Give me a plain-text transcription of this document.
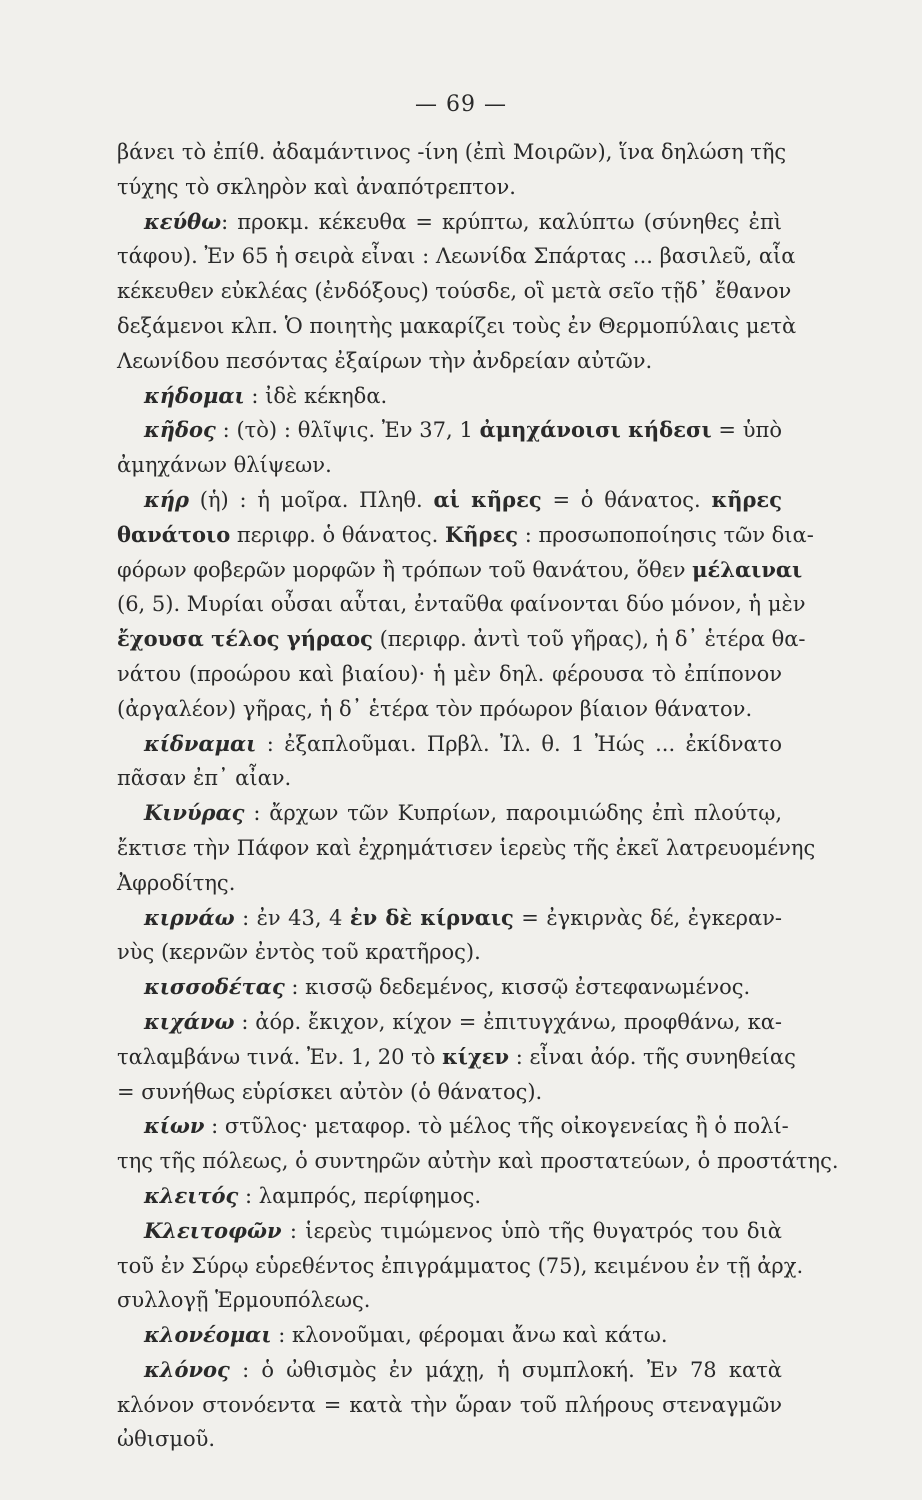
— 69 —
βάνει τὸ ἐπίθ. ἀδαμάντινος -ίνη (ἐπὶ Μοιρῶν), ἵνα δηλώση τῆς
τύχης τὸ σκληρὸν καὶ ἀναπότρεπτον.
κεύθω: προκμ. κέκευθα = κρύπτω, καλύπτω (σύνηθες ἐπὶ
τάφου). Ἐν 65 ἡ σειρὰ εἶναι : Λεωνίδα Σπάρτας ... βασιλεῦ, αἷα
κέκευθεν εὐκλέας (ἐνδόξους) τούσδε, οἳ μετὰ σεῖο τῇδ᾽ ἔθανον
δεξάμενοι κλπ. Ὁ ποιητὴς μακαρίζει τοὺς ἐν Θερμοπύλαις μετὰ
Λεωνίδου πεσόντας ἐξαίρων τὴν ἀνδρείαν αὐτῶν.
κήδομαι : ἰδὲ κέκηδα.
κῆδος : (τὸ) : θλῖψις. Ἐν 37, 1 ἀμηχάνοισι κήδεσι = ὑπὸ
ἀμηχάνων θλίψεων.
κήρ (ἡ) : ἡ μοῖρα. Πληθ. αἱ κῆρες = ὁ θάνατος. κῆρες
θανάτοιο περιφρ. ὁ θάνατος. Κῆρες : προσωποποίησις τῶν δια-
φόρων φοβερῶν μορφῶν ἢ τρόπων τοῦ θανάτου, ὅθεν μέλαιναι
(6, 5). Μυρίαι οὖσαι αὗται, ἐνταῦθα φαίνονται δύο μόνον, ἡ μὲν
ἔχουσα τέλος γήραος (περιφρ. ἀντὶ τοῦ γῆρας), ἡ δ᾽ ἑτέρα θα-
νάτου (προώρου καὶ βιαίου)· ἡ μὲν δηλ. φέρουσα τὸ ἐπίπονον
(ἀργαλέον) γῆρας, ἡ δ᾽ ἑτέρα τὸν πρόωρον βίαιον θάνατον.
κίδναμαι : ἐξαπλοῦμαι. Πρβλ. Ἰλ. θ. 1 Ἠώς ... ἐκίδνατο
πᾶσαν ἐπ᾽ αἶαν.
Κινύρας : ἄρχων τῶν Κυπρίων, παροιμιώδης ἐπὶ πλούτῳ,
ἔκτισε τὴν Πάφον καὶ ἐχρημάτισεν ἱερεὺς τῆς ἐκεῖ λατρευομένης
Ἀφροδίτης.
κιρνάω : ἐν 43, 4 ἐν δὲ κίρναις = ἐγκιρνὰς δέ, ἐγκεραν-
νὺς (κερνῶν ἐντὸς τοῦ κρατῆρος).
κισσοδέτας : κισσῷ δεδεμένος, κισσῷ ἐστεφανωμένος.
κιχάνω : ἀόρ. ἔκιχον, κίχον = ἐπιτυγχάνω, προφθάνω, κα-
ταλαμβάνω τινά. Ἐν. 1, 20 τὸ κίχεν : εἶναι ἀόρ. τῆς συνηθείας
= συνήθως εὑρίσκει αὐτὸν (ὁ θάνατος).
κίων : στῦλος· μεταφορ. τὸ μέλος τῆς οἰκογενείας ἢ ὁ πολί-
της τῆς πόλεως, ὁ συντηρῶν αὐτὴν καὶ προστατεύων, ὁ προστάτης.
κλειτός : λαμπρός, περίφημος.
Κλειτοφῶν : ἱερεὺς τιμώμενος ὑπὸ τῆς θυγατρός του διὰ
τοῦ ἐν Σύρῳ εὑρεθέντος ἐπιγράμματος (75), κειμένου ἐν τῇ ἀρχ.
συλλογῇ Ἑρμουπόλεως.
κλονέομαι : κλονοῦμαι, φέρομαι ἄνω καὶ κάτω.
κλόνος : ὁ ὠθισμὸς ἐν μάχῃ, ἡ συμπλοκή. Ἐν 78 κατὰ
κλόνον στονόεντα = κατὰ τὴν ὥραν τοῦ πλήρους στεναγμῶν
ὠθισμοῦ.
